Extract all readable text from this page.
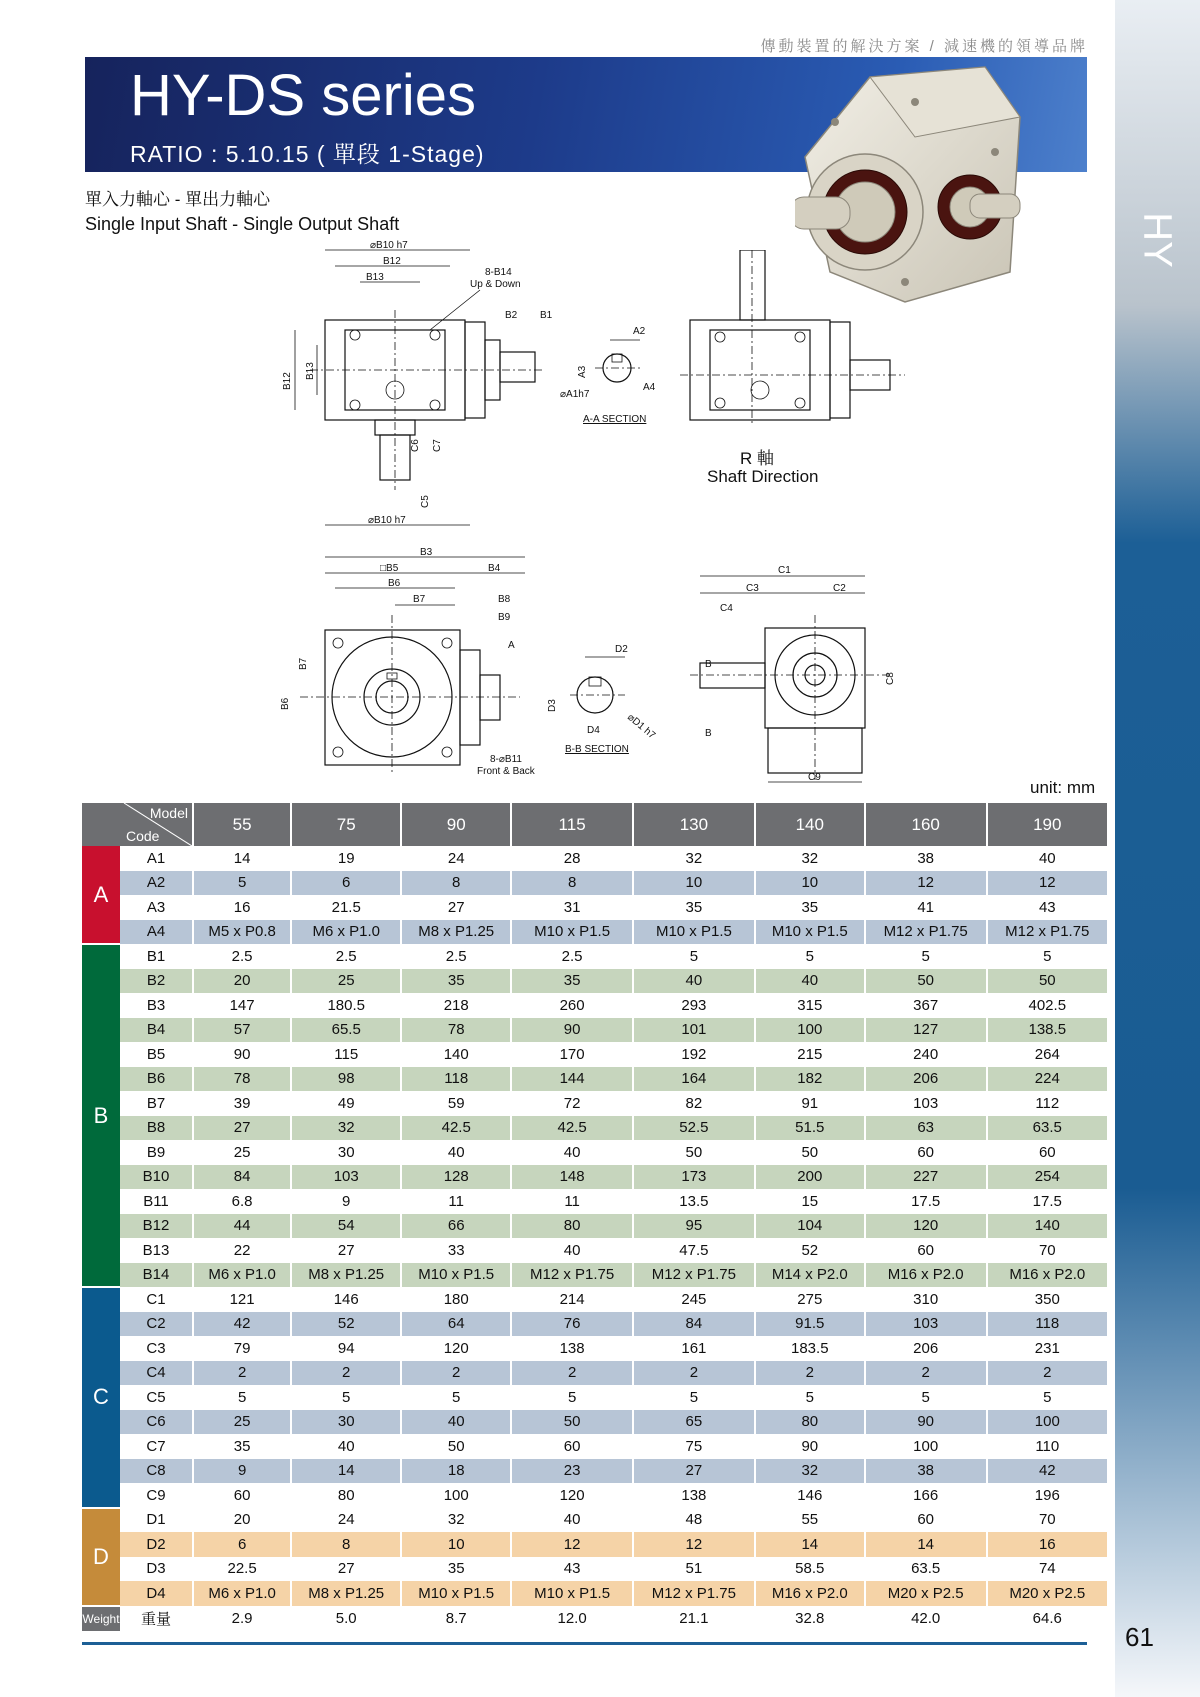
傳動裝置的解決方案 / 減速機的領導品牌
HY-DS series
RATIO : 5.10.15 ( 單段 1-Stage)
HY
單入力軸心 - 單出力軸心
Single Input Shaft - Single Output Shaft
⌀B10 h7
B12
B13	8-B14
Up & Down
B2 B1
B12
B13
C6 C7
C5
⌀B10 h7
A2
A3
⌀A1h7
A4
A-A SECTION
R 軸
Shaft Direction
B3
□B5	B4
B6
B7	B8
B9
A
B6
B7
8-⌀B11
Front & Back
D2
D3
⌀D1 h7
D4
B-B SECTION
C1
C3	C2
C4
B
B
C8
C9
unit: mm
Model
Code		55	75	90	115	130	140	160	190
A	A1	14	19	24	28	32	32	38	40
	A2	5	6	8	8	10	10	12	12
	A3	16	21.5	27	31	35	35	41	43
	A4	M5 x P0.8	M6 x P1.0	M8 x P1.25	M10 x P1.5	M10 x P1.5	M10 x P1.5	M12 x P1.75	M12 x P1.75
B	B1	2.5	2.5	2.5	2.5	5	5	5	5
	B2	20	25	35	35	40	40	50	50
	B3	147	180.5	218	260	293	315	367	402.5
	B4	57	65.5	78	90	101	100	127	138.5
	B5	90	115	140	170	192	215	240	264
	B6	78	98	118	144	164	182	206	224
	B7	39	49	59	72	82	91	103	112
	B8	27	32	42.5	42.5	52.5	51.5	63	63.5
	B9	25	30	40	40	50	50	60	60
	B10	84	103	128	148	173	200	227	254
	B11	6.8	9	11	11	13.5	15	17.5	17.5
	B12	44	54	66	80	95	104	120	140
	B13	22	27	33	40	47.5	52	60	70
	B14	M6 x P1.0	M8 x P1.25	M10 x P1.5	M12 x P1.75	M12 x P1.75	M14 x P2.0	M16 x P2.0	M16 x P2.0
C	C1	121	146	180	214	245	275	310	350
	C2	42	52	64	76	84	91.5	103	118
	C3	79	94	120	138	161	183.5	206	231
	C4	2	2	2	2	2	2	2	2
	C5	5	5	5	5	5	5	5	5
	C6	25	30	40	50	65	80	90	100
	C7	35	40	50	60	75	90	100	110
	C8	9	14	18	23	27	32	38	42
	C9	60	80	100	120	138	146	166	196
D	D1	20	24	32	40	48	55	60	70
	D2	6	8	10	12	12	14	14	16
	D3	22.5	27	35	43	51	58.5	63.5	74
	D4	M6 x P1.0	M8 x P1.25	M10 x P1.5	M10 x P1.5	M12 x P1.75	M16 x P2.0	M20 x P2.5	M20 x P2.5
Weight	重量	2.9	5.0	8.7	12.0	21.1	32.8	42.0	64.6
61
